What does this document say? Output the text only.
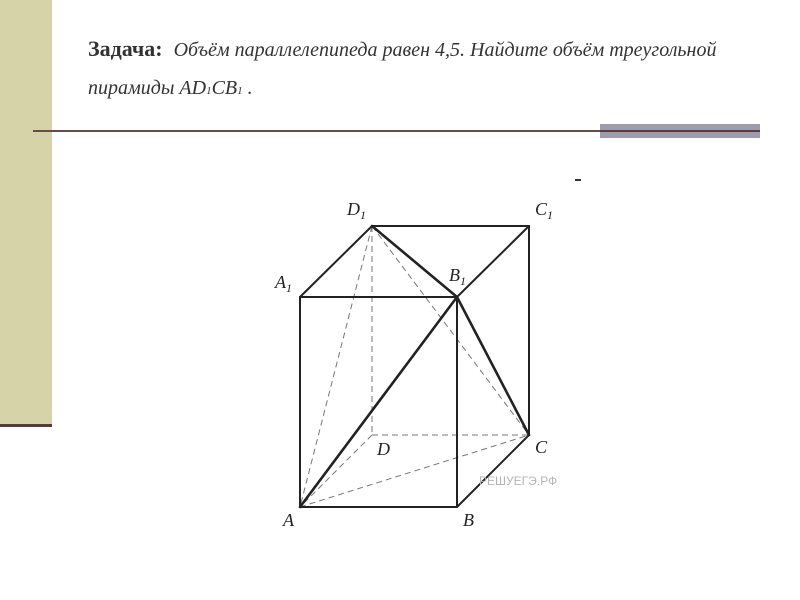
Задача: Объём параллелепипеда равен 4,5. Найдите объём треугольной пирамиды AD1CB1 .
$D_1$	$C_1$
$A_1$
$B_1$
D	C
A	B
РЕШУЕГЭ.РФ
